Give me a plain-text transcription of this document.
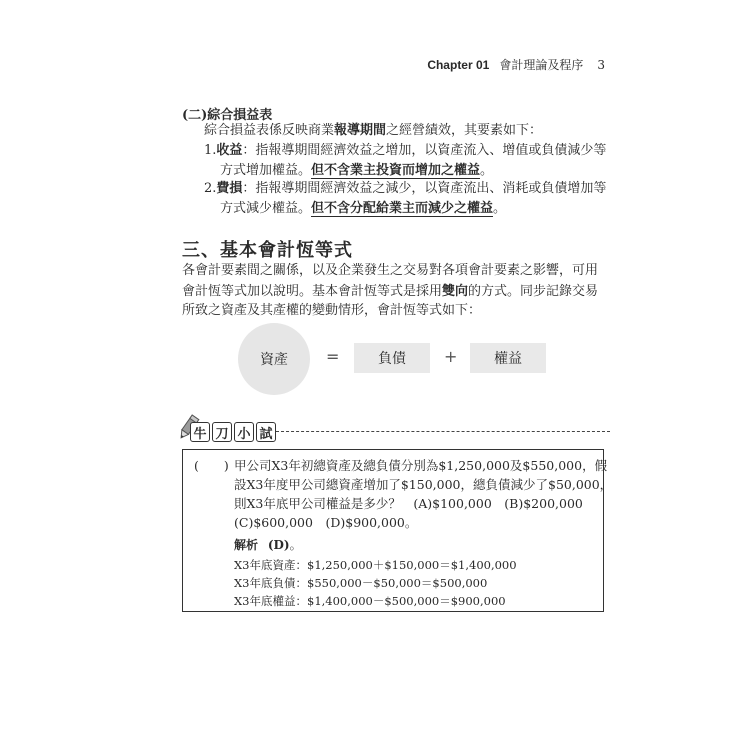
Chapter 01 會計理論及程序 3
(二)綜合損益表
綜合損益表係反映商業報導期間之經營績效，其要素如下：
1.收益：指報導期間經濟效益之增加，以資產流入、增值或負債減少等
方式增加權益。但不含業主投資而增加之權益。
2.費損：指報導期間經濟效益之減少，以資產流出、消耗或負債增加等
方式減少權益。但不含分配給業主而減少之權益。
三、基本會計恆等式
各會計要素間之關係，以及企業發生之交易對各項會計要素之影響，可用
會計恆等式加以說明。基本會計恆等式是採用雙向的方式。同步記錄交易
所致之資產及其產權的變動情形，會計恆等式如下：
資產	=	負債	+	權益
牛 刀 小 試
(　　) 甲公司X3年初總資產及總負債分別為$1,250,000及$550,000，假
設X3年度甲公司總資產增加了$150,000，總負債減少了$50,000，
則X3年底甲公司權益是多少？　(A)$100,000　(B)$200,000
(C)$600,000　(D)$900,000。
解析 (D)。
X3年底資產：$1,250,000＋$150,000＝$1,400,000
X3年底負債：$550,000－$50,000＝$500,000
X3年底權益：$1,400,000－$500,000＝$900,000
